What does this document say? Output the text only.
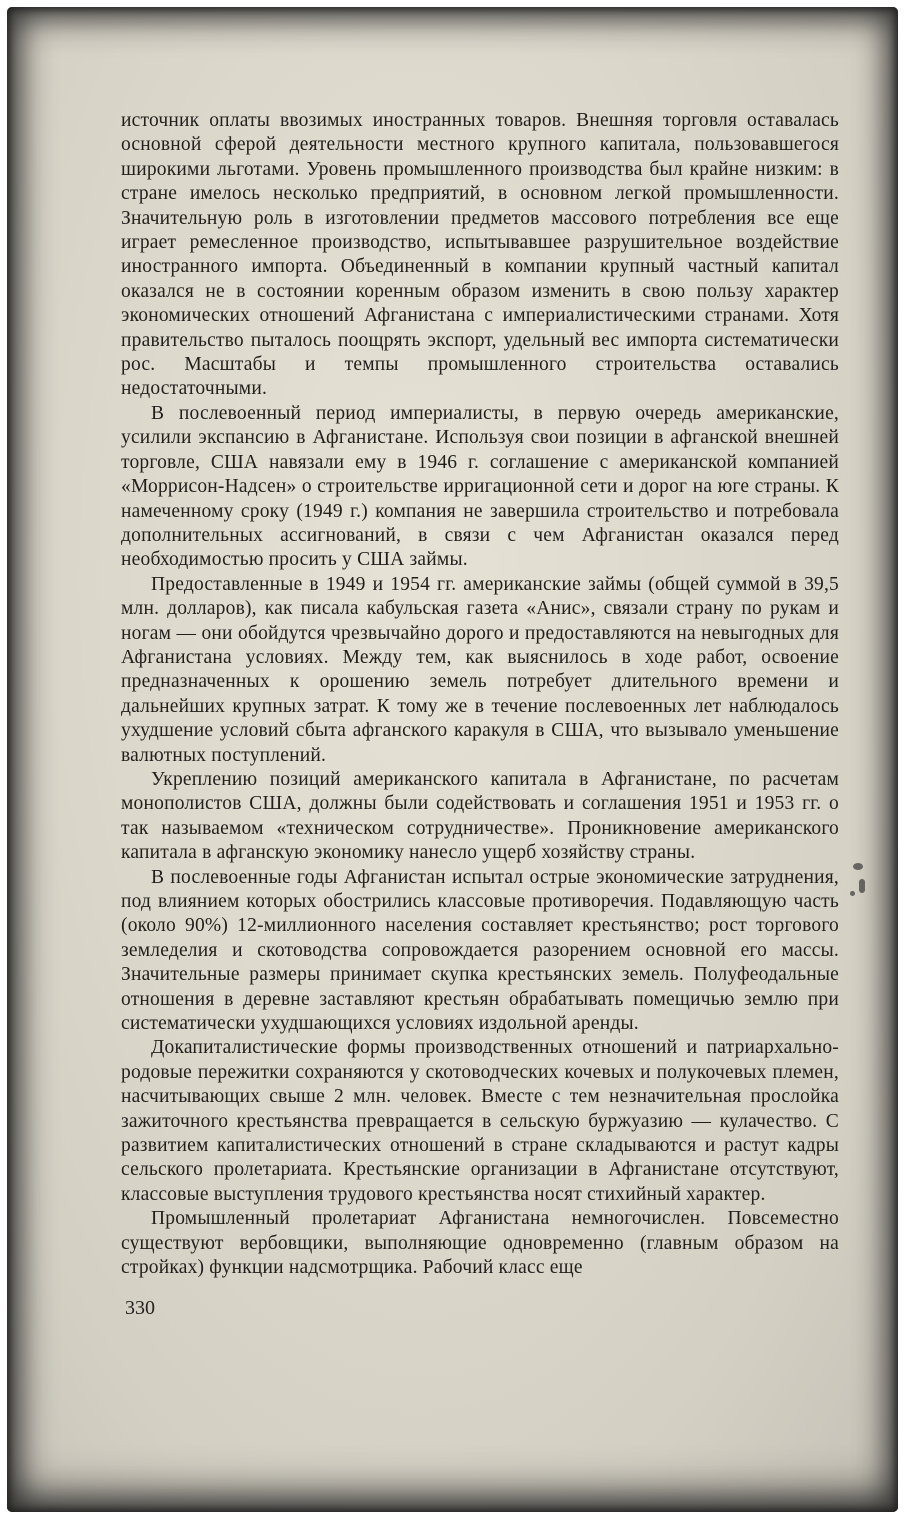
источник оплаты ввозимых иностранных товаров. Внешняя торговля оставалась основной сферой деятельности местного крупного капитала, пользовавшегося широкими льготами. Уровень промышленного производства был крайне низким: в стране имелось несколько предприятий, в основном легкой промышленности. Значительную роль в изготовлении предметов массового потребления все еще играет ремесленное производство, испытывавшее разрушительное воздействие иностранного импорта. Объединенный в компании крупный частный капитал оказался не в состоянии коренным образом изменить в свою пользу характер экономических отношений Афганистана с империалистическими странами. Хотя правительство пыталось поощрять экспорт, удельный вес импорта систематически рос. Масштабы и темпы промышленного строительства оставались недостаточными.

В послевоенный период империалисты, в первую очередь американские, усилили экспансию в Афганистане. Используя свои позиции в афганской внешней торговле, США навязали ему в 1946 г. соглашение с американской компанией «Моррисон-Надсен» о строительстве ирригационной сети и дорог на юге страны. К намеченному сроку (1949 г.) компания не завершила строительство и потребовала дополнительных ассигнований, в связи с чем Афганистан оказался перед необходимостью просить у США займы.

Предоставленные в 1949 и 1954 гг. американские займы (общей суммой в 39,5 млн. долларов), как писала кабульская газета «Анис», связали страну по рукам и ногам — они обойдутся чрезвычайно дорого и предоставляются на невыгодных для Афганистана условиях. Между тем, как выяснилось в ходе работ, освоение предназначенных к орошению земель потребует длительного времени и дальнейших крупных затрат. К тому же в течение послевоенных лет наблюдалось ухудшение условий сбыта афганского каракуля в США, что вызывало уменьшение валютных поступлений.

Укреплению позиций американского капитала в Афганистане, по расчетам монополистов США, должны были содействовать и соглашения 1951 и 1953 гг. о так называемом «техническом сотрудничестве». Проникновение американского капитала в афганскую экономику нанесло ущерб хозяйству страны.

В послевоенные годы Афганистан испытал острые экономические затруднения, под влиянием которых обострились классовые противоречия. Подавляющую часть (около 90%) 12-миллионного населения составляет крестьянство; рост торгового земледелия и скотоводства сопровождается разорением основной его массы. Значительные размеры принимает скупка крестьянских земель. Полуфеодальные отношения в деревне заставляют крестьян обрабатывать помещичью землю при систематически ухудшающихся условиях издольной аренды.

Докапиталистические формы производственных отношений и патриархально-родовые пережитки сохраняются у скотоводческих кочевых и полукочевых племен, насчитывающих свыше 2 млн. человек. Вместе с тем незначительная прослойка зажиточного крестьянства превращается в сельскую буржуазию — кулачество. С развитием капиталистических отношений в стране складываются и растут кадры сельского пролетариата. Крестьянские организации в Афганистане отсутствуют, классовые выступления трудового крестьянства носят стихийный характер.

Промышленный пролетариат Афганистана немногочислен. Повсеместно существуют вербовщики, выполняющие одновременно (главным образом на стройках) функции надсмотрщика. Рабочий класс еще

330
